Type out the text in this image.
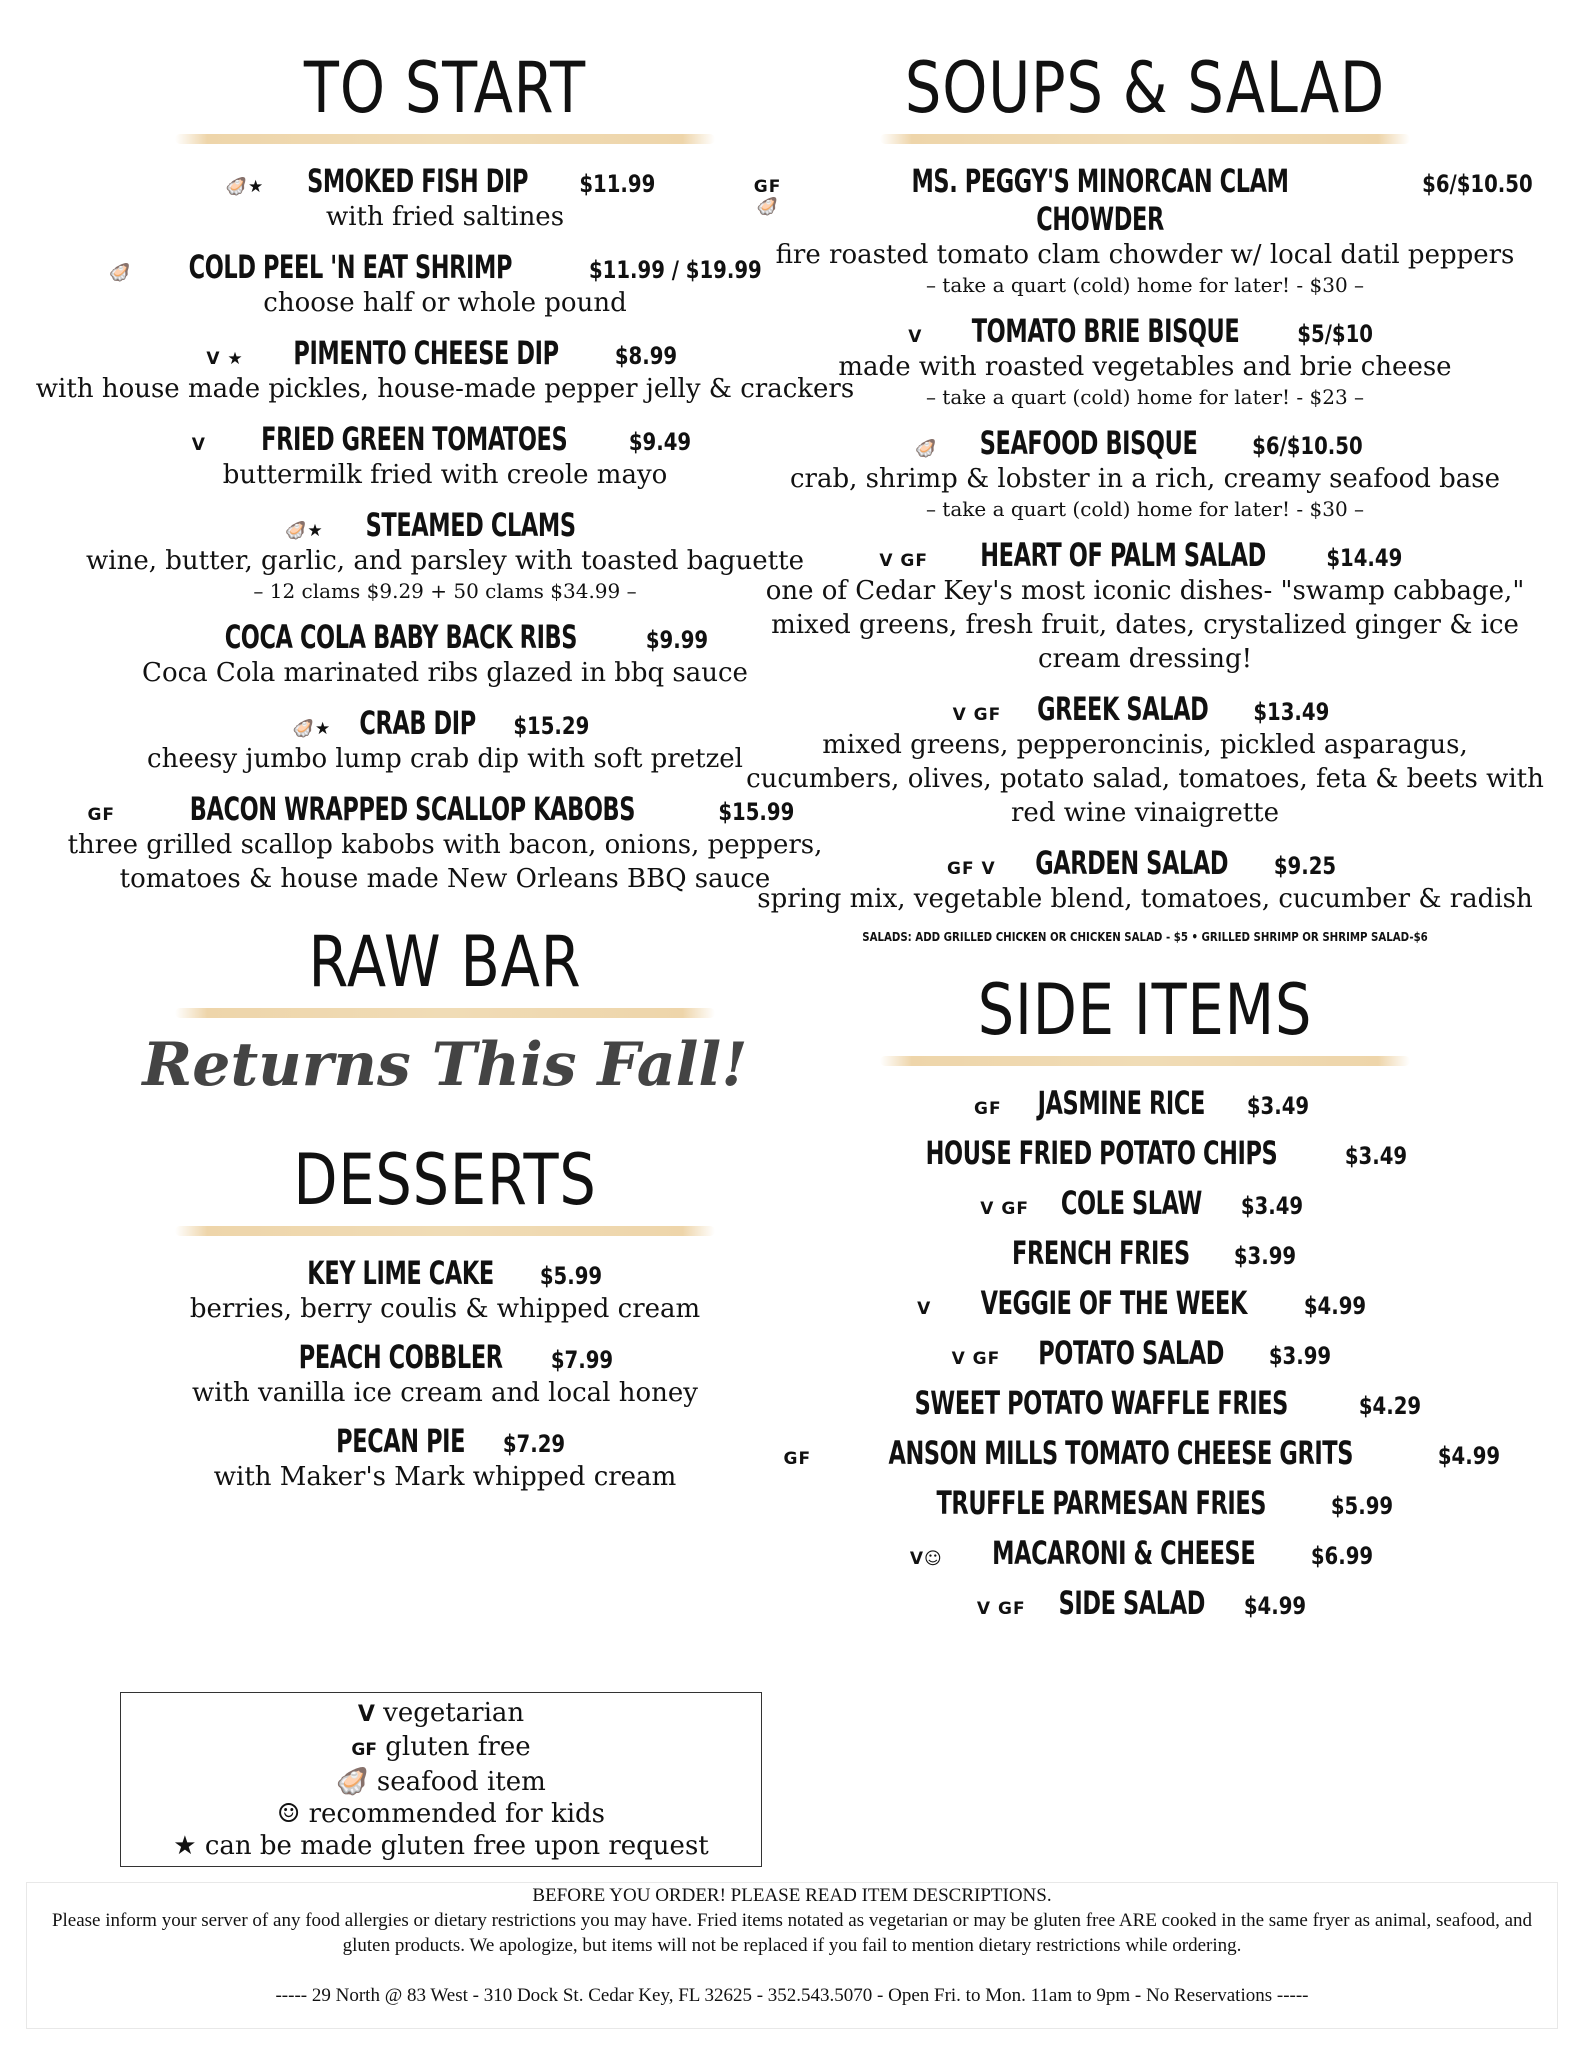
TO START
🦪★ SMOKED FISH DIP $11.99
with fried saltines
🦪 COLD PEEL 'N EAT SHRIMP	$11.99 / $19.99
choose half or whole pound
V ★ PIMENTO CHEESE DIP $8.99
with house made pickles, house-made pepper jelly & crackers
V FRIED GREEN TOMATOES	$9.49
buttermilk fried with creole mayo
🦪★ STEAMED CLAMS
wine, butter, garlic, and parsley with toasted baguette
– 12 clams $9.29 + 50 clams $34.99 –
COCA COLA BABY BACK RIBS	$9.99
Coca Cola marinated ribs glazed in bbq sauce
🦪★ CRAB DIP $15.29
cheesy jumbo lump crab dip with soft pretzel
GF BACON WRAPPED SCALLOP KABOBS	$15.99
three grilled scallop kabobs with bacon, onions, peppers, tomatoes & house made New Orleans BBQ sauce
RAW BAR
Returns This Fall!
DESSERTS
KEY LIME CAKE $5.99
berries, berry coulis & whipped cream
PEACH COBBLER $7.99
with vanilla ice cream and local honey
PECAN PIE $7.29
with Maker's Mark whipped cream
V vegetarian
GF gluten free
🦪 seafood item
☺ recommended for kids
★ can be made gluten free upon request
SOUPS & SALAD
GF🦪
MS. PEGGY'S MINORCAN CLAM CHOWDER
$6/$10.50
fire roasted tomato clam chowder w/ local datil peppers
– take a quart (cold) home for later! - $30 –
V TOMATO BRIE BISQUE $5/$10
made with roasted vegetables and brie cheese
– take a quart (cold) home for later! - $23 –
🦪 SEAFOOD BISQUE $6/$10.50
crab, shrimp & lobster in a rich, creamy seafood base
– take a quart (cold) home for later! - $30 –
V GF HEART OF PALM SALAD	$14.49
one of Cedar Key's most iconic dishes- "swamp cabbage," mixed greens, fresh fruit, dates, crystalized ginger & ice cream dressing!
V GF GREEK SALAD $13.49
mixed greens, pepperoncinis, pickled asparagus, cucumbers, olives, potato salad, tomatoes, feta & beets with red wine vinaigrette
GF V GARDEN SALAD $9.25
spring mix, vegetable blend, tomatoes, cucumber & radish
SALADS: ADD GRILLED CHICKEN OR CHICKEN SALAD - $5 • GRILLED SHRIMP OR SHRIMP SALAD-$6
SIDE ITEMS
GF JASMINE RICE $3.49
HOUSE FRIED POTATO CHIPS	$3.49
V GF COLE SLAW $3.49
FRENCH FRIES $3.99
V VEGGIE OF THE WEEK $4.99
V GF POTATO SALAD $3.99
SWEET POTATO WAFFLE FRIES	$4.29
GF ANSON MILLS TOMATO CHEESE GRITS	$4.99
TRUFFLE PARMESAN FRIES	$5.99
V☺ MACARONI & CHEESE $6.99
V GF SIDE SALAD $4.99
BEFORE YOU ORDER! PLEASE READ ITEM DESCRIPTIONS.
Please inform your server of any food allergies or dietary restrictions you may have. Fried items notated as vegetarian or may be gluten free ARE cooked in the same fryer as animal, seafood, and gluten products. We apologize, but items will not be replaced if you fail to mention dietary restrictions while ordering.
----- 29 North @ 83 West - 310 Dock St. Cedar Key, FL 32625 - 352.543.5070 - Open Fri. to Mon. 11am to 9pm - No Reservations -----
